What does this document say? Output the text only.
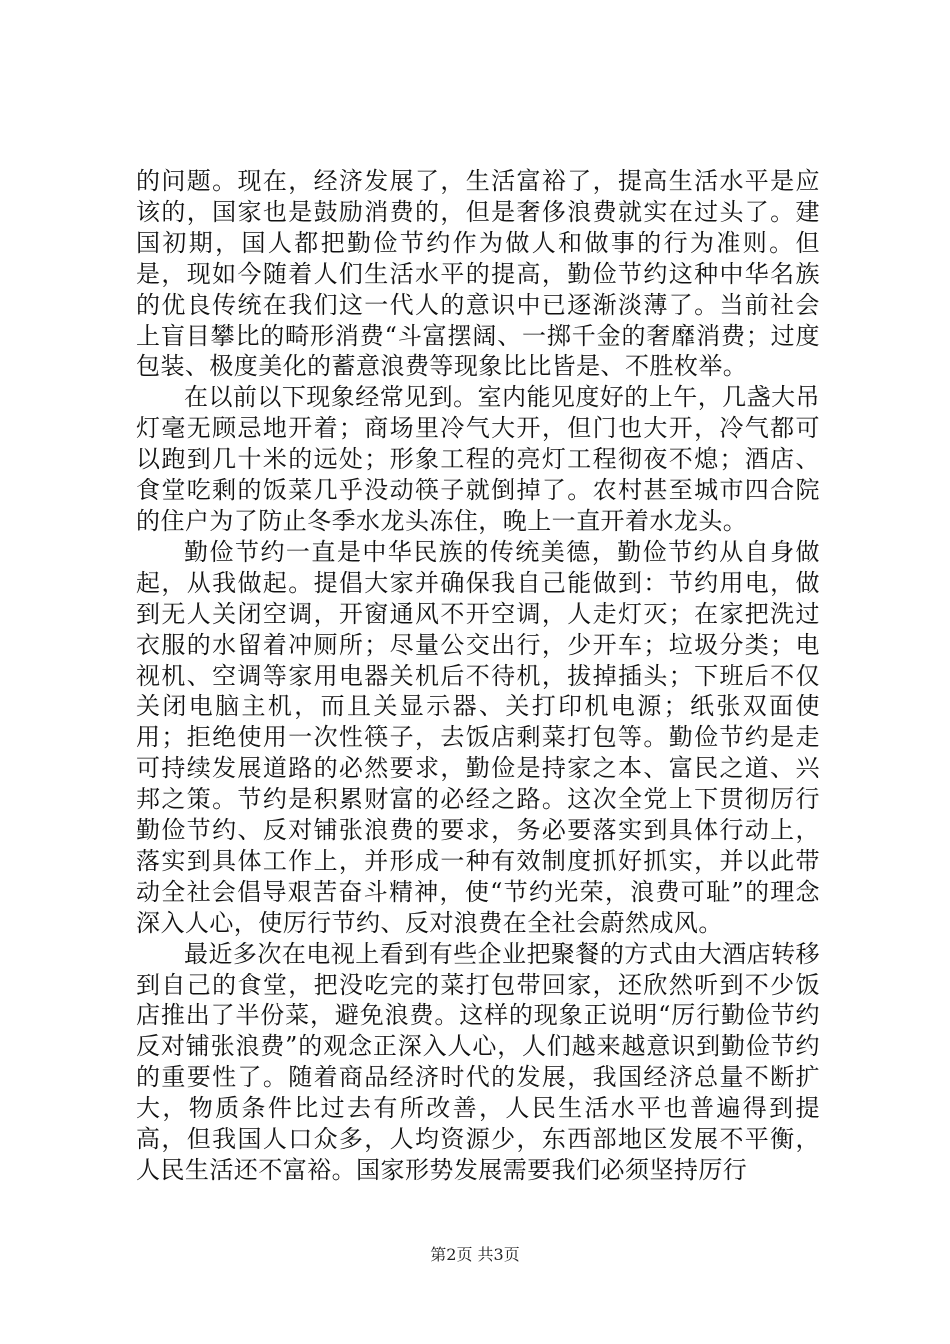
的问题。现在，经济发展了，生活富裕了，提高生活水平是应该的，国家也是鼓励消费的，但是奢侈浪费就实在过头了。建国初期，国人都把勤俭节约作为做人和做事的行为准则。但是，现如今随着人们生活水平的提高，勤俭节约这种中华名族的优良传统在我们这一代人的意识中已逐渐淡薄了。当前社会上盲目攀比的畸形消费“斗富摆阔、一掷千金的奢靡消费；过度包装、极度美化的蓄意浪费等现象比比皆是、不胜枚举。

在以前以下现象经常见到。室内能见度好的上午，几盏大吊灯毫无顾忌地开着；商场里冷气大开，但门也大开，冷气都可以跑到几十米的远处；形象工程的亮灯工程彻夜不熄；酒店、食堂吃剩的饭菜几乎没动筷子就倒掉了。农村甚至城市四合院的住户为了防止冬季水龙头冻住，晚上一直开着水龙头。

勤俭节约一直是中华民族的传统美德，勤俭节约从自身做起，从我做起。提倡大家并确保我自己能做到：节约用电，做到无人关闭空调，开窗通风不开空调，人走灯灭；在家把洗过衣服的水留着冲厕所；尽量公交出行，少开车；垃圾分类；电视机、空调等家用电器关机后不待机，拔掉插头；下班后不仅关闭电脑主机，而且关显示器、关打印机电源；纸张双面使用；拒绝使用一次性筷子，去饭店剩菜打包等。勤俭节约是走可持续发展道路的必然要求，勤俭是持家之本、富民之道、兴邦之策。节约是积累财富的必经之路。这次全党上下贯彻厉行勤俭节约、反对铺张浪费的要求，务必要落实到具体行动上，落实到具体工作上，并形成一种有效制度抓好抓实，并以此带动全社会倡导艰苦奋斗精神，使“节约光荣，浪费可耻”的理念深入人心，使厉行节约、反对浪费在全社会蔚然成风。

最近多次在电视上看到有些企业把聚餐的方式由大酒店转移到自己的食堂，把没吃完的菜打包带回家，还欣然听到不少饭店推出了半份菜，避免浪费。这样的现象正说明“厉行勤俭节约反对铺张浪费”的观念正深入人心，人们越来越意识到勤俭节约的重要性了。随着商品经济时代的发展，我国经济总量不断扩大，物质条件比过去有所改善，人民生活水平也普遍得到提高，但我国人口众多，人均资源少，东西部地区发展不平衡，人民生活还不富裕。国家形势发展需要我们必须坚持厉行

第2页 共3页
